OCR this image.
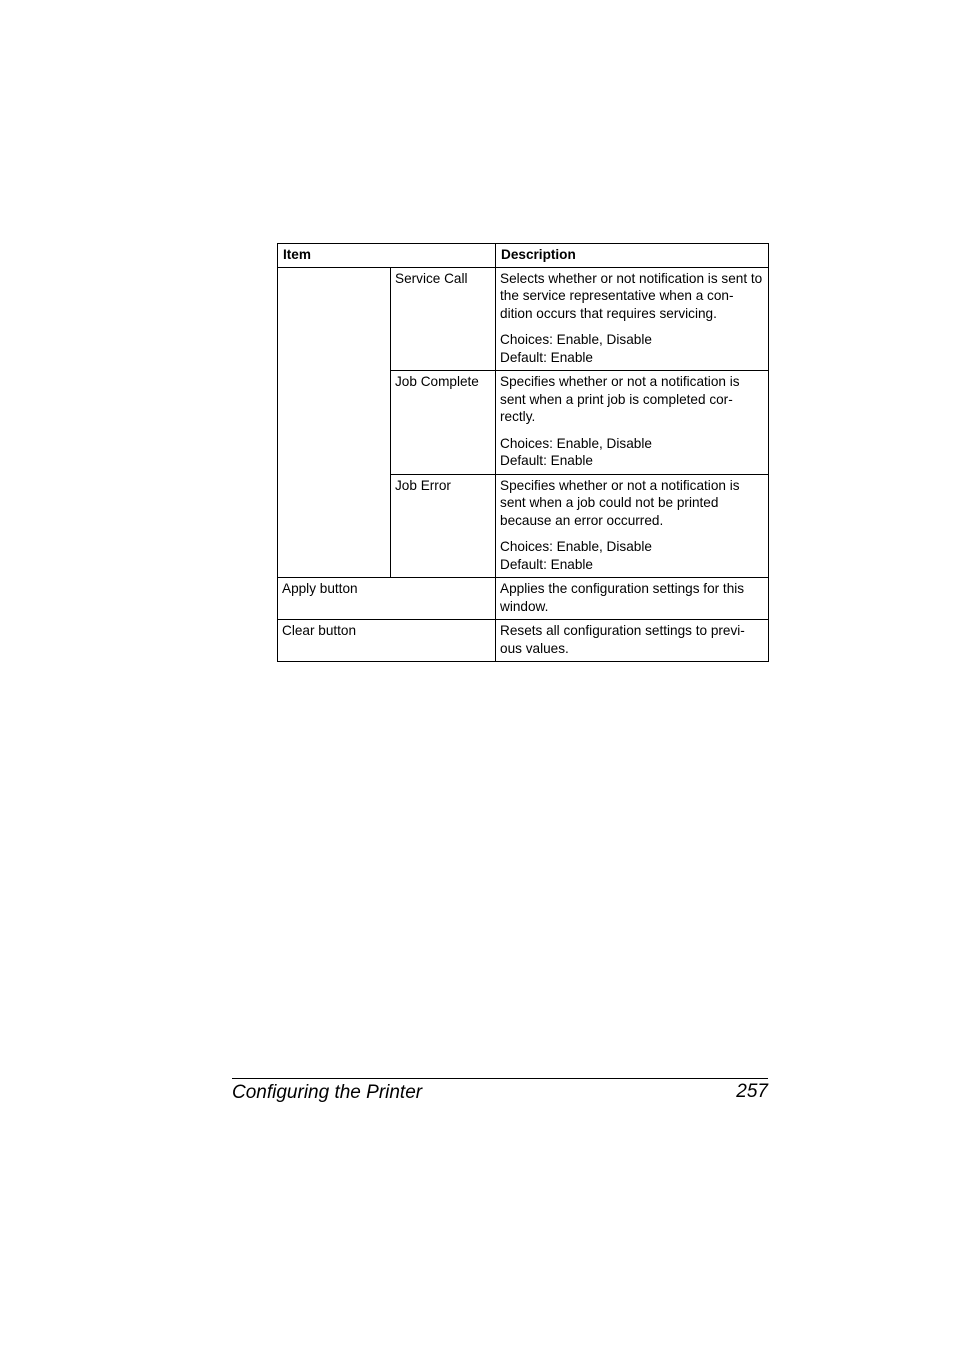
Item		Description
	Service Call	Selects whether or not notification is sent to the service representative when a con-dition occurs that requires servicing.

Choices: Enable, Disable

Default: Enable

	Job Complete	Specifies whether or not a notification is sent when a print job is completed cor-rectly.

Choices: Enable, Disable

Default: Enable

	Job Error	Specifies whether or not a notification is sent when a job could not be printed because an error occurred.

Choices: Enable, Disable

Default: Enable

Apply button		Applies the configuration settings for this window.

Clear button		Resets all configuration settings to previ-ous values.

Configuring the Printer	257
